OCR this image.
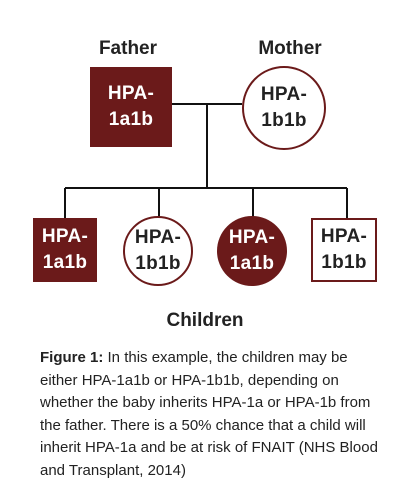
Father	Mother
HPA-
1a1b
HPA-
1b1b
HPA-
1a1b
HPA-
1b1b
HPA-
1a1b
HPA-
1b1b
Children
Figure 1: In this example, the children may be either HPA-1a1b or HPA-1b1b, depending on whether the baby inherits HPA-1a or HPA-1b from the father. There is a 50% chance that a child will inherit HPA-1a and be at risk of FNAIT (NHS Blood and Transplant, 2014)
